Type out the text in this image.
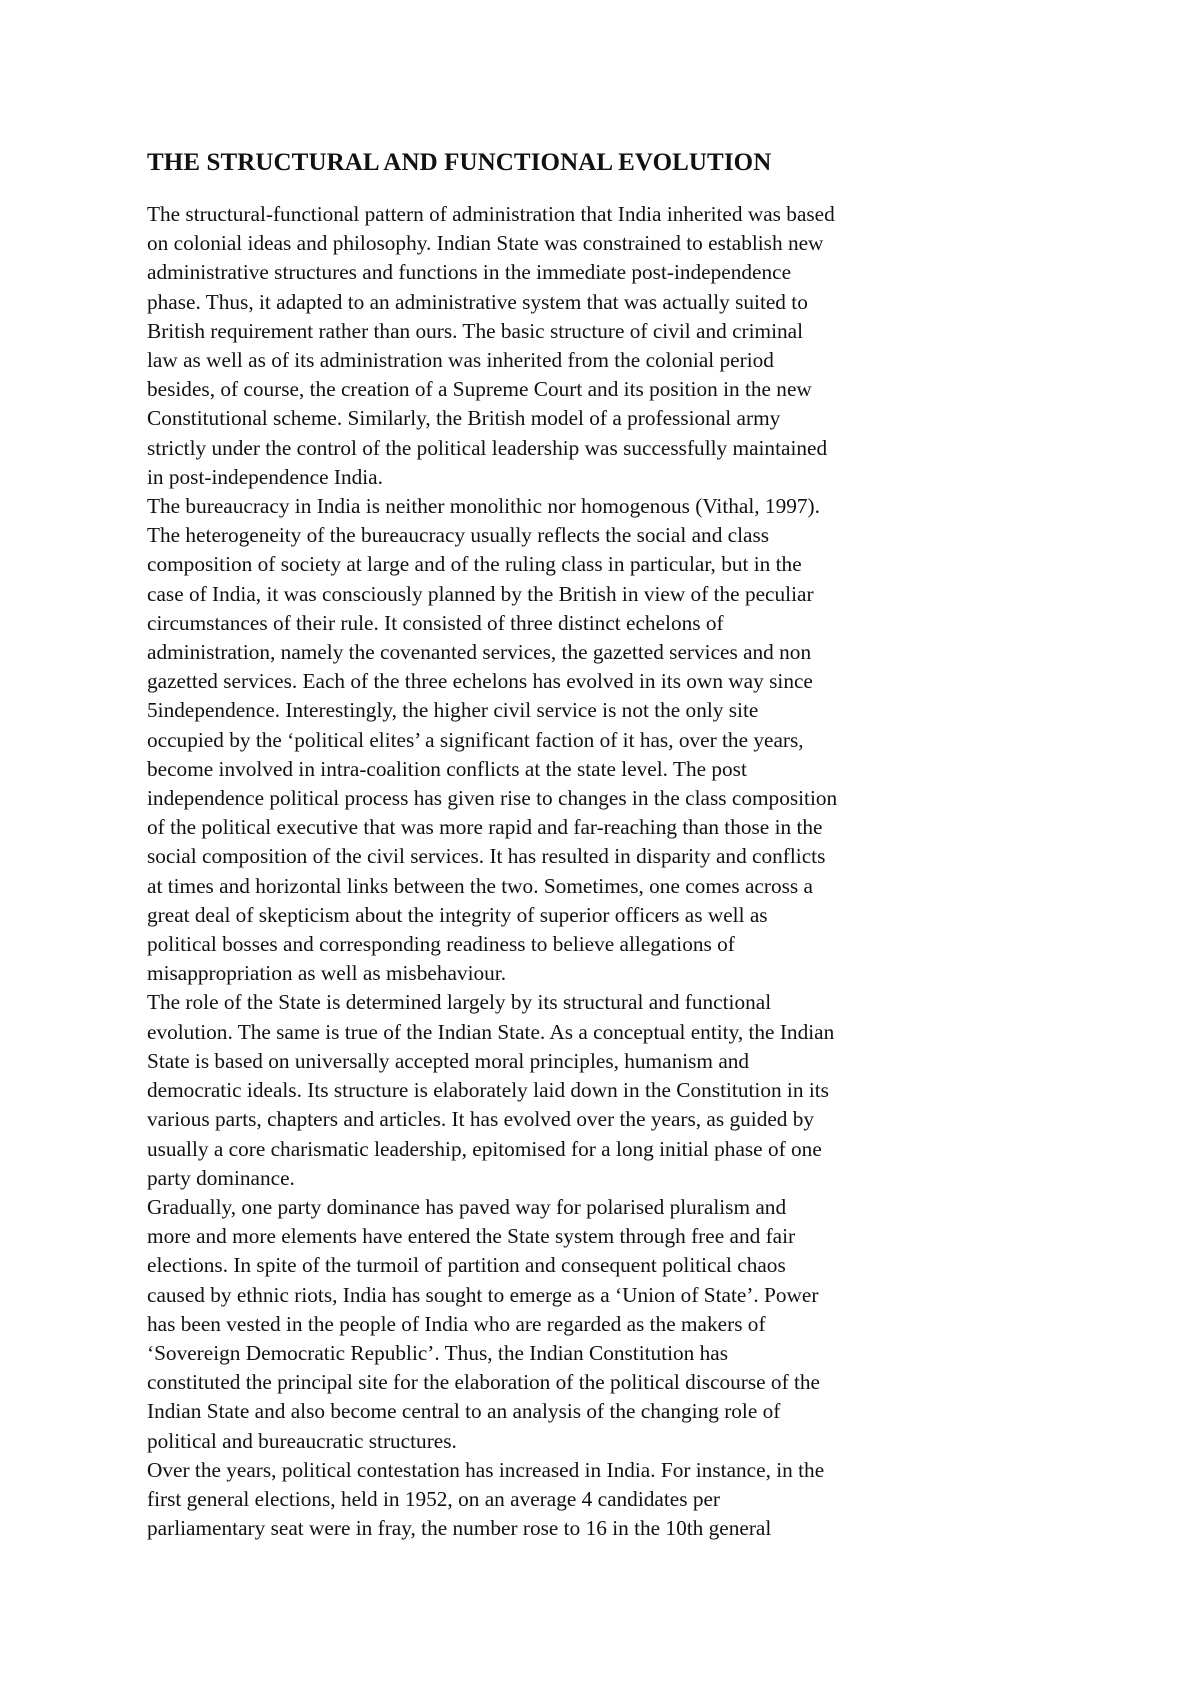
THE STRUCTURAL AND FUNCTIONAL EVOLUTION
The structural-functional pattern of administration that India inherited was based
on colonial ideas and philosophy. Indian State was constrained to establish new
administrative structures and functions in the immediate post-independence
phase. Thus, it adapted to an administrative system that was actually suited to
British requirement rather than ours. The basic structure of civil and criminal
law as well as of its administration was inherited from the colonial period
besides, of course, the creation of a Supreme Court and its position in the new
Constitutional scheme. Similarly, the British model of a professional army
strictly under the control of the political leadership was successfully maintained
in post-independence India.
The bureaucracy in India is neither monolithic nor homogenous (Vithal, 1997).
The heterogeneity of the bureaucracy usually reflects the social and class
composition of society at large and of the ruling class in particular, but in the
case of India, it was consciously planned by the British in view of the peculiar
circumstances of their rule. It consisted of three distinct echelons of
administration, namely the covenanted services, the gazetted services and non
gazetted services. Each of the three echelons has evolved in its own way since
5independence. Interestingly, the higher civil service is not the only site
occupied by the ‘political elites’ a significant faction of it has, over the years,
become involved in intra-coalition conflicts at the state level. The post
independence political process has given rise to changes in the class composition
of the political executive that was more rapid and far-reaching than those in the
social composition of the civil services. It has resulted in disparity and conflicts
at times and horizontal links between the two. Sometimes, one comes across a
great deal of skepticism about the integrity of superior officers as well as
political bosses and corresponding readiness to believe allegations of
misappropriation as well as misbehaviour.
The role of the State is determined largely by its structural and functional
evolution. The same is true of the Indian State. As a conceptual entity, the Indian
State is based on universally accepted moral principles, humanism and
democratic ideals. Its structure is elaborately laid down in the Constitution in its
various parts, chapters and articles. It has evolved over the years, as guided by
usually a core charismatic leadership, epitomised for a long initial phase of one
party dominance.
Gradually, one party dominance has paved way for polarised pluralism and
more and more elements have entered the State system through free and fair
elections. In spite of the turmoil of partition and consequent political chaos
caused by ethnic riots, India has sought to emerge as a ‘Union of State’. Power
has been vested in the people of India who are regarded as the makers of
‘Sovereign Democratic Republic’. Thus, the Indian Constitution has
constituted the principal site for the elaboration of the political discourse of the
Indian State and also become central to an analysis of the changing role of
political and bureaucratic structures.
Over the years, political contestation has increased in India. For instance, in the
first general elections, held in 1952, on an average 4 candidates per
parliamentary seat were in fray, the number rose to 16 in the 10th general
